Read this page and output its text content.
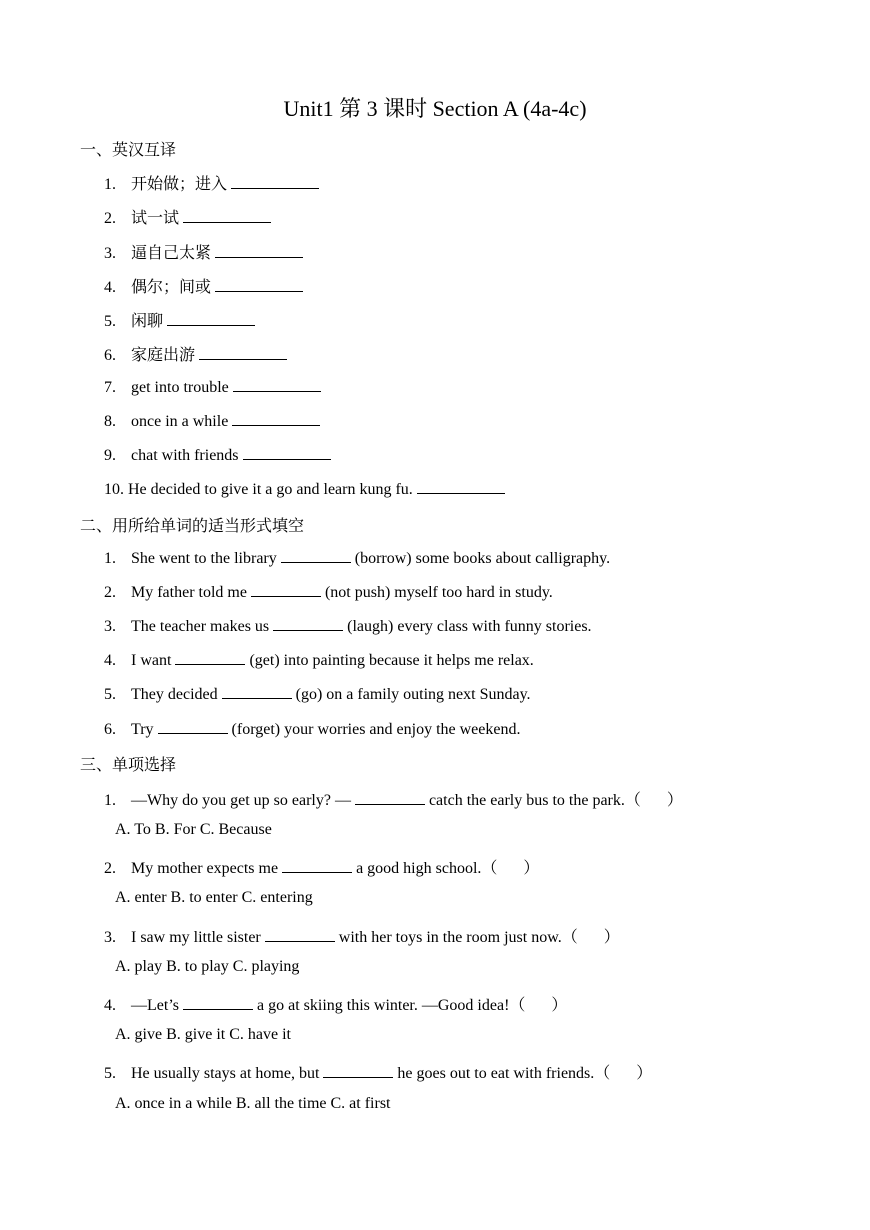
Unit1 第 3 课时 Section A (4a-4c)
一、英汉互译
1. 开始做；进入
2. 试一试
3. 逼自己太紧
4. 偶尔；间或
5. 闲聊
6. 家庭出游
7. get into trouble
8. once in a while
9. chat with friends
10. He decided to give it a go and learn kung fu.
二、用所给单词的适当形式填空
1. She went to the library	(borrow) some books about calligraphy.
2. My father told me	(not push) myself too hard in study.
3. The teacher makes us	(laugh) every class with funny stories.
4. I want	(get) into painting because it helps me relax.
5. They decided	(go) on a family outing next Sunday.
6. Try	(forget) your worries and enjoy the weekend.
三、单项选择
1. —Why do you get up so early? —	catch the early bus to the park.（ ）
A. To B. For C. Because
2. My mother expects me	a good high school.（ ）
A. enter B. to enter C. entering
3. I saw my little sister	with her toys in the room just now.（ ）
A. play B. to play C. playing
4. —Let’s	a go at skiing this winter. —Good idea!（ ）
A. give B. give it C. have it
5. He usually stays at home, but	he goes out to eat with friends.（ ）
A. once in a while B. all the time C. at first
